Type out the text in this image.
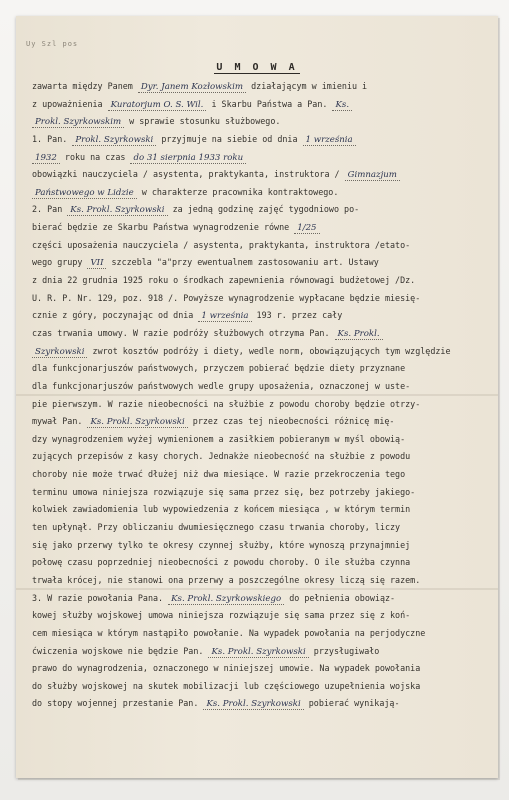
Uy Szl pos
U M O W A
zawarta między Panem Dyr. Janem Kozłowskim działającym w imieniu i
z upoważnienia Kuratorjum O. S. Wil. i Skarbu Państwa a Pan. Ks.
Prokl. Szyrkowskim w sprawie stosunku służbowego.
1. Pan. Prokl. Szyrkowski przyjmuje na siebie od dnia 1 września
1932 roku na czas do 31 sierpnia 1933 roku
obowiązki nauczyciela / asystenta, praktykanta, instruktora / Gimnazjum
Państwowego w Lidzie w charakterze pracownika kontraktowego.
2. Pan Ks. Prokl. Szyrkowski za jedną godzinę zajęć tygodniowo po-
bierać będzie ze Skarbu Państwa wynagrodzenie równe 1/25
części uposażenia nauczyciela / asystenta, praktykanta, instruktora /etato-
wego grupy VII szczebla "a"przy ewentualnem zastosowaniu art. Ustawy
z dnia 22 grudnia 1925 roku o środkach zapewnienia równowagi budżetowej /Dz.
U. R. P. Nr. 129, poz. 918 /. Powyższe wynagrodzenie wypłacane będzie miesię-
cznie z góry, poczynając od dnia 1 września 193 r. przez cały
czas trwania umowy. W razie podróży służbowych otrzyma Pan. Ks. Prokl.
Szyrkowski zwrot kosztów podróży i diety, wedle norm, obowiązujących tym względzie
dla funkcjonarjuszów państwowych, przyczem pobierać będzie diety przyznane
dla funkcjonarjuszów państwowych wedle grupy uposażenia, oznaczonej w uste-
pie pierwszym. W razie nieobecności na służbie z powodu choroby będzie otrzy-
mywał Pan. Ks. Prokl. Szyrkowski przez czas tej nieobecności różnicę mię-
dzy wynagrodzeniem wyżej wymienionem a zasiłkiem pobieranym w myśl obowią-
zujących przepisów z kasy chorych. Jednakże nieobecność na służbie z powodu
choroby nie może trwać dłużej niż dwa miesiące. W razie przekroczenia tego
terminu umowa niniejsza rozwiązuje się sama przez się, bez potrzeby jakiego-
kolwiek zawiadomienia lub wypowiedzenia z końcem miesiąca , w którym termin
ten upłynął. Przy obliczaniu dwumiesięcznego czasu trwania choroby, liczy
się jako przerwy tylko te okresy czynnej służby, które wynoszą przynajmniej
połowę czasu poprzedniej nieobecności z powodu choroby. O ile służba czynna
trwała krócej, nie stanowi ona przerwy a poszczególne okresy liczą się razem.
3. W razie powołania Pana. Ks. Prokl. Szyrkowskiego do pełnienia obowiąz-
kowej służby wojskowej umowa niniejsza rozwiązuje się sama przez się z koń-
cem miesiąca w którym nastąpiło powołanie. Na wypadek powołania na perjodyczne
ćwiczenia wojskowe nie będzie Pan. Ks. Prokl. Szyrkowski przysługiwało
prawo do wynagrodzenia, oznaczonego w niniejszej umowie. Na wypadek powołania
do służby wojskowej na skutek mobilizacji lub częściowego uzupełnienia wojska
do stopy wojennej przestanie Pan. Ks. Prokl. Szyrkowski pobierać wynikają-
